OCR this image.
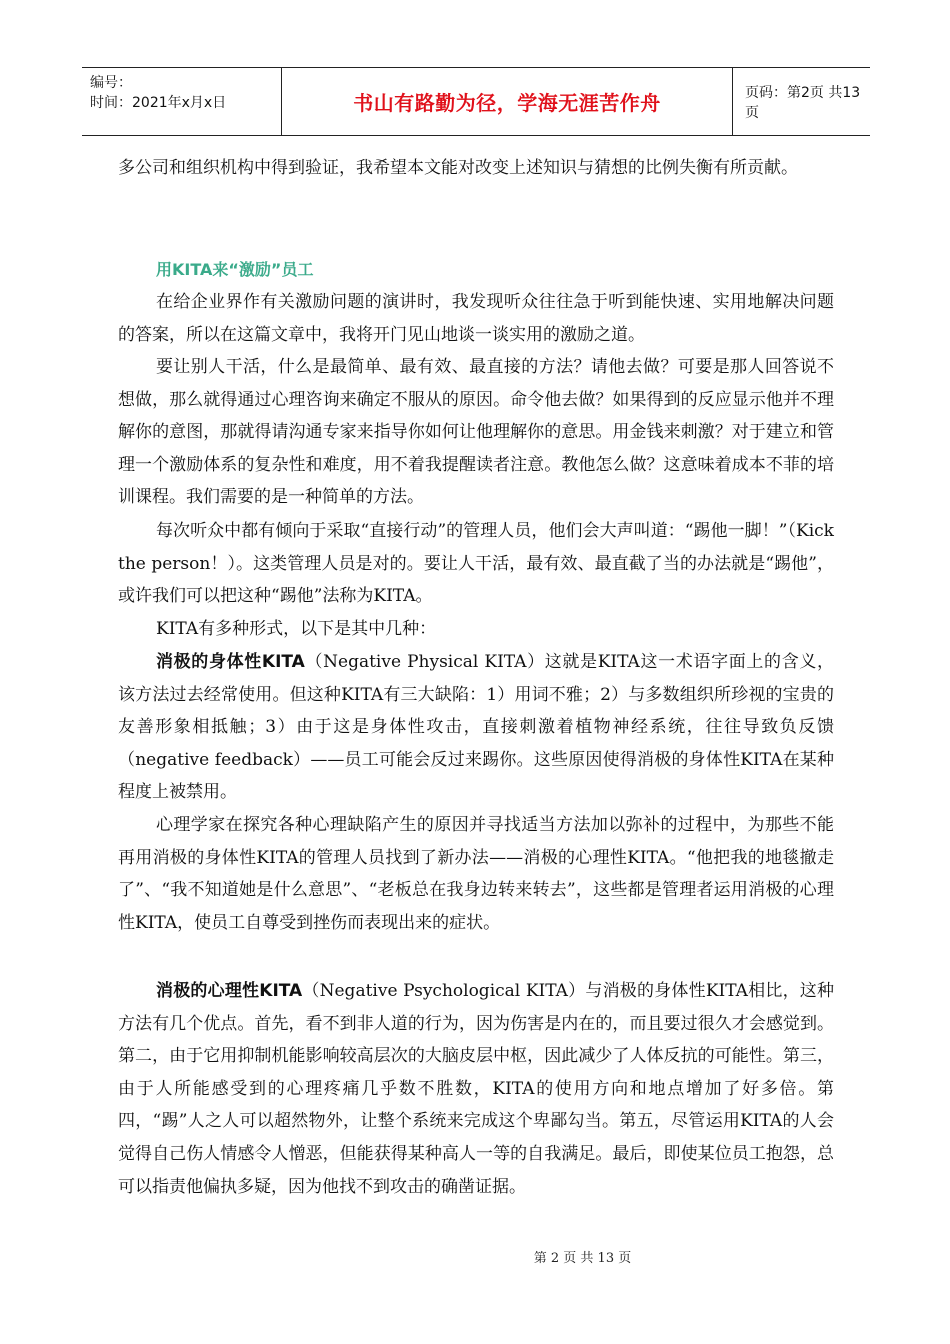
编号：
时间：2021年x月x日	书山有路勤为径，学海无涯苦作舟	页码：第2页 共13页

多公司和组织机构中得到验证，我希望本文能对改变上述知识与猜想的比例失衡有所贡献。

用KITA来“激励”员工

在给企业界作有关激励问题的演讲时，我发现听众往往急于听到能快速、实用地解决问题的答案，所以在这篇文章中，我将开门见山地谈一谈实用的激励之道。

要让别人干活，什么是最简单、最有效、最直接的方法？请他去做？可要是那人回答说不想做，那么就得通过心理咨询来确定不服从的原因。命令他去做？如果得到的反应显示他并不理解你的意图，那就得请沟通专家来指导你如何让他理解你的意思。用金钱来刺激？对于建立和管理一个激励体系的复杂性和难度，用不着我提醒读者注意。教他怎么做？这意味着成本不菲的培训课程。我们需要的是一种简单的方法。

每次听众中都有倾向于采取“直接行动”的管理人员，他们会大声叫道：“踢他一脚！”（Kick the person！）。这类管理人员是对的。要让人干活，最有效、最直截了当的办法就是“踢他”，或许我们可以把这种“踢他”法称为KITA。

KITA有多种形式，以下是其中几种：

消极的身体性KITA（Negative Physical KITA）这就是KITA这一术语字面上的含义，该方法过去经常使用。但这种KITA有三大缺陷：1）用词不雅；2）与多数组织所珍视的宝贵的友善形象相抵触；3）由于这是身体性攻击，直接刺激着植物神经系统，往往导致负反馈（negative feedback）——员工可能会反过来踢你。这些原因使得消极的身体性KITA在某种程度上被禁用。

心理学家在探究各种心理缺陷产生的原因并寻找适当方法加以弥补的过程中，为那些不能再用消极的身体性KITA的管理人员找到了新办法——消极的心理性KITA。“他把我的地毯撤走了”、“我不知道她是什么意思”、“老板总在我身边转来转去”，这些都是管理者运用消极的心理性KITA，使员工自尊受到挫伤而表现出来的症状。

消极的心理性KITA（Negative Psychological KITA）与消极的身体性KITA相比，这种方法有几个优点。首先，看不到非人道的行为，因为伤害是内在的，而且要过很久才会感觉到。第二，由于它用抑制机能影响较高层次的大脑皮层中枢，因此减少了人体反抗的可能性。第三，由于人所能感受到的心理疼痛几乎数不胜数，KITA的使用方向和地点增加了好多倍。第四，“踢”人之人可以超然物外，让整个系统来完成这个卑鄙勾当。第五，尽管运用KITA的人会觉得自己伤人情感令人憎恶，但能获得某种高人一等的自我满足。最后，即使某位员工抱怨，总可以指责他偏执多疑，因为他找不到攻击的确凿证据。

第 2 页 共 13 页
